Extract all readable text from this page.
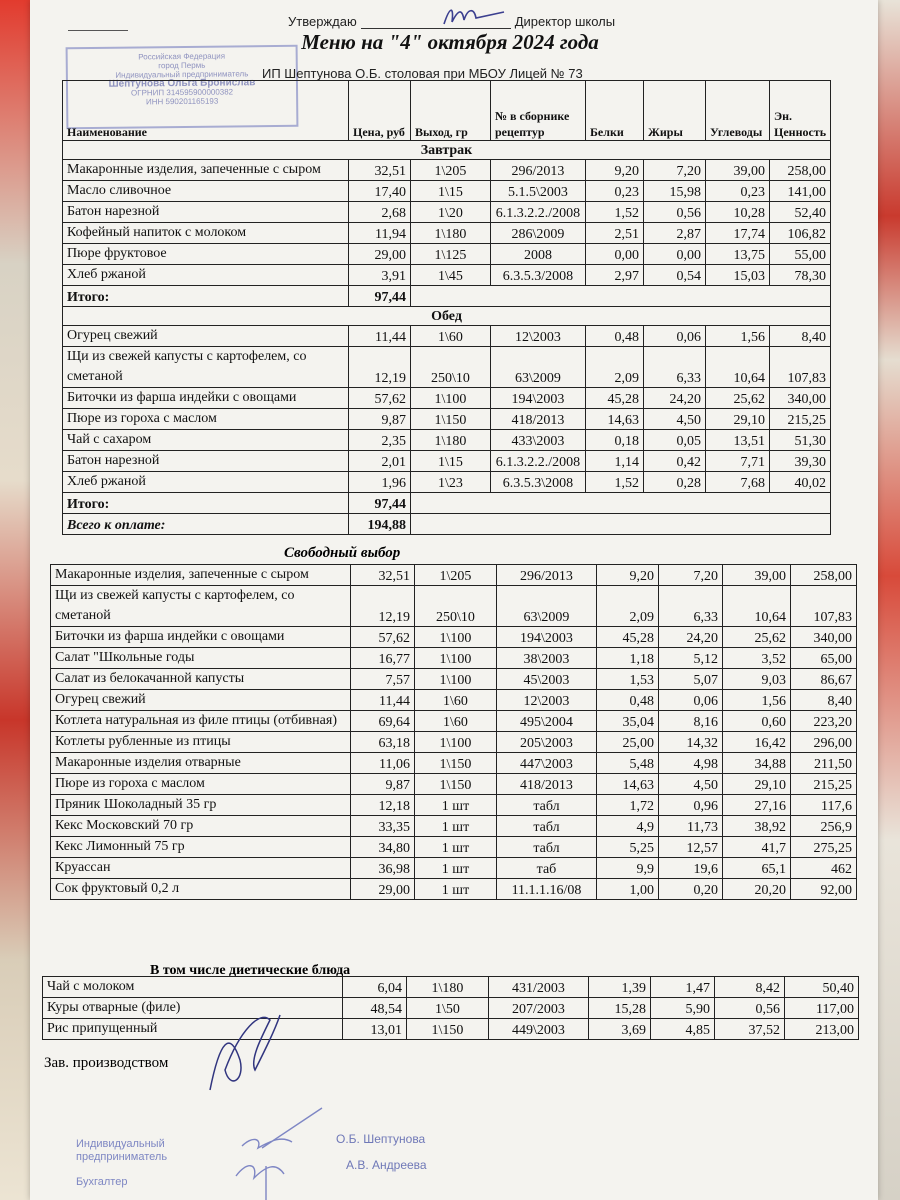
Утверждаю	Директор школы
Меню на "4" октября 2024 года
Российская Федерация
город Пермь
Индивидуальный предприниматель
Шептунова Ольга Бронислав
ОГРНИП 314595900000382
ИНН 590201165193
ИП Шептунова О.Б. столовая при МБОУ Лицей № 73
Наименование	Цена, руб	Выход, гр	№ в сборнике рецептур	Белки	Жиры	Углеводы	Эн. Ценность
Завтрак							
Макаронные изделия, запеченные с сыром	32,51	1\205	296/2013	9,20	7,20	39,00	258,00
Масло сливочное	17,40	1\15	5.1.5\2003	0,23	15,98	0,23	141,00
Батон нарезной	2,68	1\20	6.1.3.2.2./2008	1,52	0,56	10,28	52,40
Кофейный напиток с молоком	11,94	1\180	286\2009	2,51	2,87	17,74	106,82
Пюре фруктовое	29,00	1\125	2008	0,00	0,00	13,75	55,00
Хлеб ржаной	3,91	1\45	6.3.5.3/2008	2,97	0,54	15,03	78,30
Итого:	97,44						
Обед							
Огурец свежий	11,44	1\60	12\2003	0,48	0,06	1,56	8,40
Щи из свежей капусты с картофелем, со сметаной	12,19	250\10	63\2009	2,09	6,33	10,64	107,83
Биточки из фарша индейки с овощами	57,62	1\100	194\2003	45,28	24,20	25,62	340,00
Пюре из гороха с маслом	9,87	1\150	418/2013	14,63	4,50	29,10	215,25
Чай с сахаром	2,35	1\180	433\2003	0,18	0,05	13,51	51,30
Батон нарезной	2,01	1\15	6.1.3.2.2./2008	1,14	0,42	7,71	39,30
Хлеб ржаной	1,96	1\23	6.3.5.3\2008	1,52	0,28	7,68	40,02
Итого:	97,44						
Всего к оплате:	194,88						
Свободный выбор

Макаронные изделия, запеченные с сыром	32,51	1\205	296/2013	9,20	7,20	39,00	258,00
Щи из свежей капусты с картофелем, со сметаной	12,19	250\10	63\2009	2,09	6,33	10,64	107,83
Биточки из фарша индейки с овощами	57,62	1\100	194\2003	45,28	24,20	25,62	340,00
Салат "Школьные годы	16,77	1\100	38\2003	1,18	5,12	3,52	65,00
Салат из белокачанной капусты	7,57	1\100	45\2003	1,53	5,07	9,03	86,67
Огурец свежий	11,44	1\60	12\2003	0,48	0,06	1,56	8,40
Котлета натуральная из филе птицы (отбивная)	69,64	1\60	495\2004	35,04	8,16	0,60	223,20
Котлеты рубленные из птицы	63,18	1\100	205\2003	25,00	14,32	16,42	296,00
Макаронные изделия отварные	11,06	1\150	447\2003	5,48	4,98	34,88	211,50
Пюре из гороха с маслом	9,87	1\150	418/2013	14,63	4,50	29,10	215,25
Пряник Шоколадный 35 гр	12,18	1 шт	табл	1,72	0,96	27,16	117,6
Кекс Московский 70 гр	33,35	1 шт	табл	4,9	11,73	38,92	256,9
Кекс Лимонный 75 гр	34,80	1 шт	табл	5,25	12,57	41,7	275,25
Круассан	36,98	1 шт	таб	9,9	19,6	65,1	462
Сок фруктовый 0,2 л	29,00	1 шт	11.1.1.16/08	1,00	0,20	20,20	92,00
В том числе диетические блюда

Чай с молоком	6,04	1\180	431/2003	1,39	1,47	8,42	50,40
Куры отварные (филе)	48,54	1\50	207/2003	15,28	5,90	0,56	117,00
Рис припущенный	13,01	1\150	449\2003	3,69	4,85	37,52	213,00
Зав. производством
Индивидуальный
предприниматель
Бухгалтер
О.Б. Шептунова
А.В. Андреева
